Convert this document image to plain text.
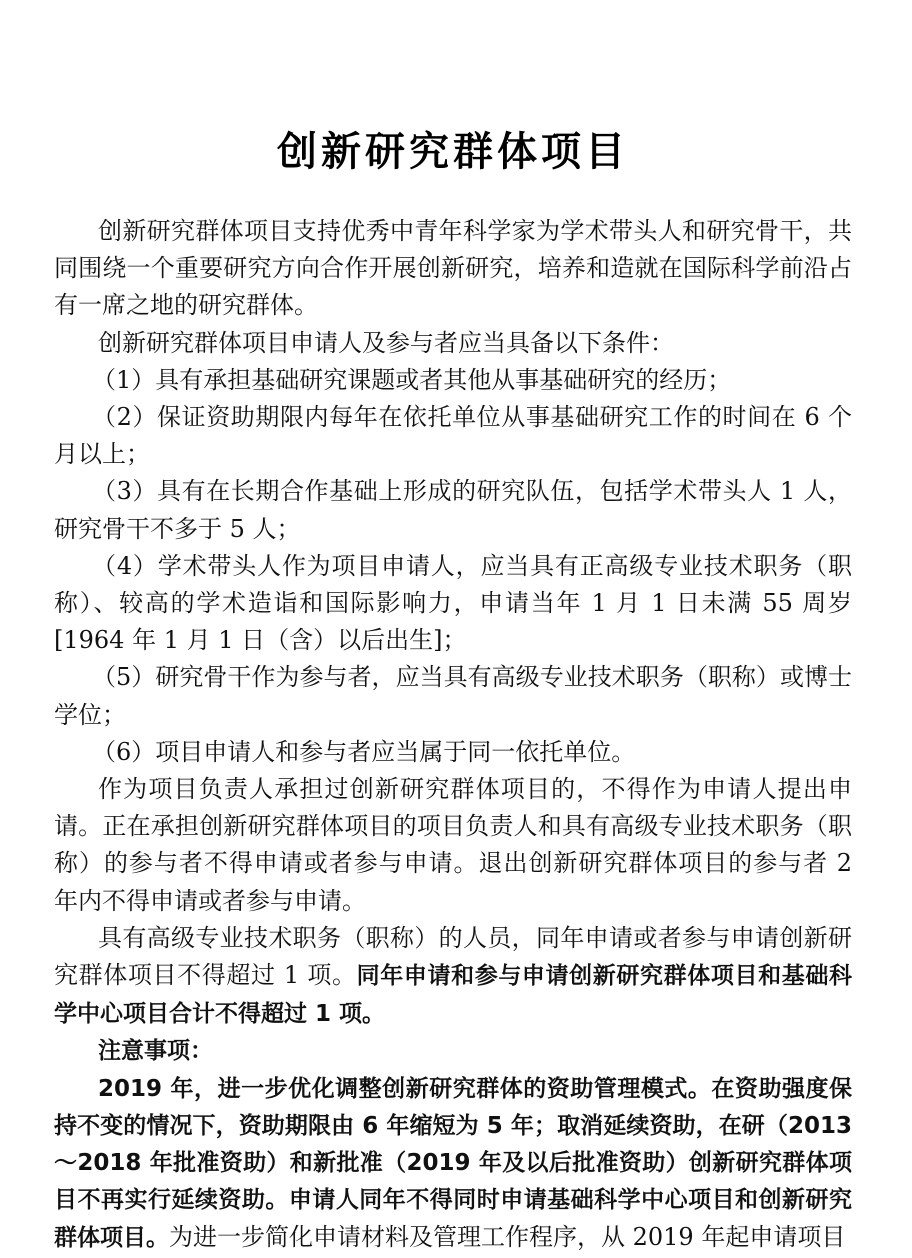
创新研究群体项目

创新研究群体项目支持优秀中青年科学家为学术带头人和研究骨干，共同围绕一个重要研究方向合作开展创新研究，培养和造就在国际科学前沿占有一席之地的研究群体。

创新研究群体项目申请人及参与者应当具备以下条件：

（1）具有承担基础研究课题或者其他从事基础研究的经历；

（2）保证资助期限内每年在依托单位从事基础研究工作的时间在 6 个月以上；

（3）具有在长期合作基础上形成的研究队伍，包括学术带头人 1 人，研究骨干不多于 5 人；

（4）学术带头人作为项目申请人，应当具有正高级专业技术职务（职称）、较高的学术造诣和国际影响力，申请当年 1 月 1 日未满 55 周岁[1964 年 1 月 1 日（含）以后出生]；

（5）研究骨干作为参与者，应当具有高级专业技术职务（职称）或博士学位；

（6）项目申请人和参与者应当属于同一依托单位。

作为项目负责人承担过创新研究群体项目的，不得作为申请人提出申请。正在承担创新研究群体项目的项目负责人和具有高级专业技术职务（职称）的参与者不得申请或者参与申请。退出创新研究群体项目的参与者 2 年内不得申请或者参与申请。

具有高级专业技术职务（职称）的人员，同年申请或者参与申请创新研究群体项目不得超过 1 项。同年申请和参与申请创新研究群体项目和基础科学中心项目合计不得超过 1 项。

注意事项：

2019 年，进一步优化调整创新研究群体的资助管理模式。在资助强度保持不变的情况下，资助期限由 6 年缩短为 5 年；取消延续资助，在研（2013～2018 年批准资助）和新批准（2019 年及以后批准资助）创新研究群体项目不再实行延续资助。申请人同年不得同时申请基础科学中心项目和创新研究群体项目。为进一步简化申请材料及管理工作程序，从 2019 年起申请项目
